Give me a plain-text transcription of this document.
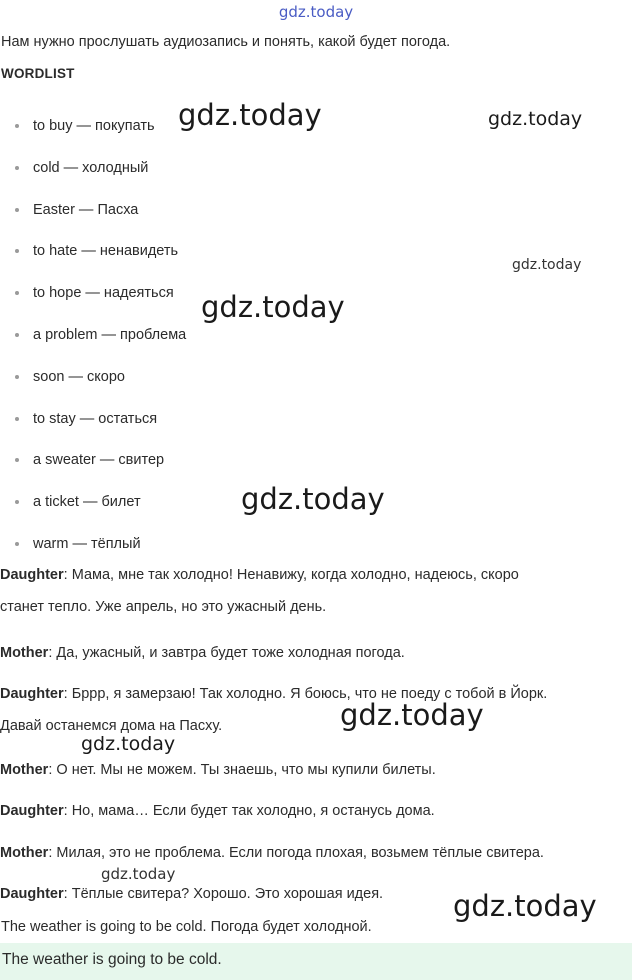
gdz.today
Нам нужно прослушать аудиозапись и понять, какой будет погода.
WORDLIST
to buy — покупать
cold — холодный
Easter — Пасха
to hate — ненавидеть
to hope — надеяться
a problem — проблема
soon — скоро
to stay — остаться
a sweater — свитер
a ticket — билет
warm — тёплый

Daughter: Мама, мне так холодно! Ненавижу, когда холодно, надеюсь, скоро

станет тепло. Уже апрель, но это ужасный день.

Mother: Да, ужасный, и завтра будет тоже холодная погода.

Daughter: Бррр, я замерзаю! Так холодно. Я боюсь, что не поеду с тобой в Йорк.

Давай останемся дома на Пасху.

Mother: О нет. Мы не можем. Ты знаешь, что мы купили билеты.

Daughter: Но, мама… Если будет так холодно, я останусь дома.

Mother: Милая, это не проблема. Если погода плохая, возьмем тёплые свитера.

Daughter: Тёплые свитера? Хорошо. Это хорошая идея.

The weather is going to be cold. Погода будет холодной.
The weather is going to be cold.
gdz.today	gdz.today
gdz.today
gdz.today
gdz.today
gdz.today
gdz.today
gdz.today
gdz.today
